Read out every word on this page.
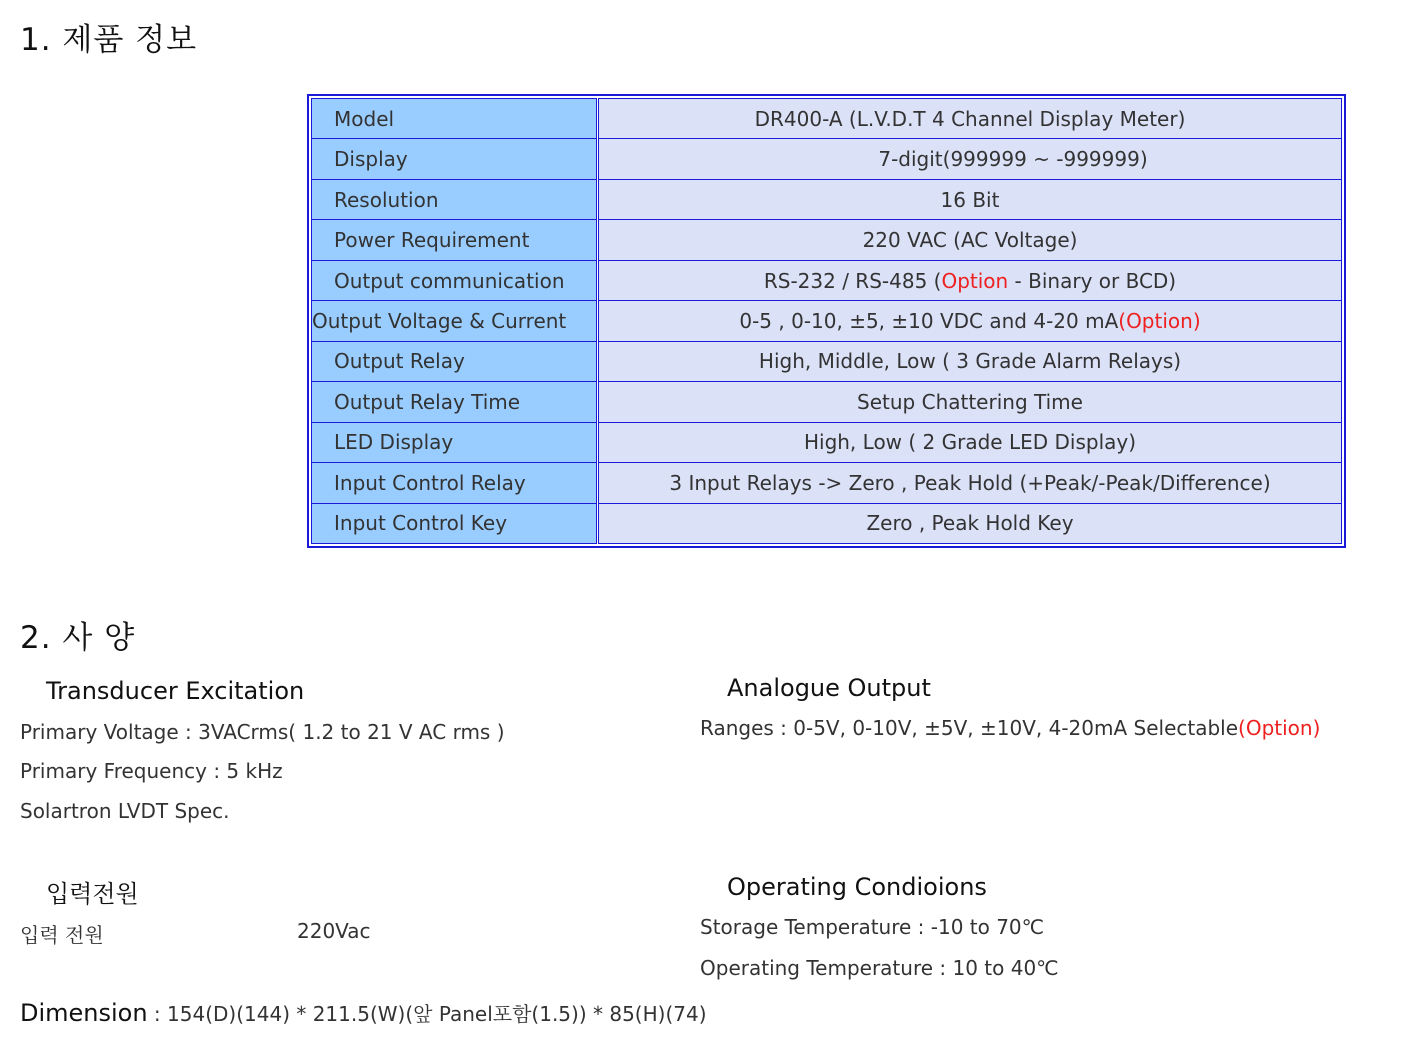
1. 제품 정보
Model	DR400-A (L.V.D.T 4 Channel Display Meter)
Display	7-digit(999999 ~ -999999)
Resolution	16 Bit
Power Requirement	220 VAC (AC Voltage)
Output communication	RS-232 / RS-485 (Option - Binary or BCD)
Output Voltage & Current	0-5 , 0-10, ±5, ±10 VDC and 4-20 mA(Option)
Output Relay	High, Middle, Low ( 3 Grade Alarm Relays)
Output Relay Time	Setup Chattering Time
LED Display	High, Low ( 2 Grade LED Display)
Input Control Relay	3 Input Relays -> Zero , Peak Hold (+Peak/-Peak/Difference)
Input Control Key	Zero , Peak Hold Key
2. 사 양
Transducer Excitation
Primary Voltage : 3VACrms( 1.2 to 21 V AC rms )
Primary Frequency : 5 kHz
Solartron LVDT Spec.
Analogue Output
Ranges : 0-5V, 0-10V, ±5V, ±10V, 4-20mA Selectable(Option)
입력전원
입력 전원	220Vac
Operating Condioions
Storage Temperature : -10 to 70℃
Operating Temperature : 10 to 40℃
Dimension : 154(D)(144) * 211.5(W)(앞 Panel포함(1.5)) * 85(H)(74)
